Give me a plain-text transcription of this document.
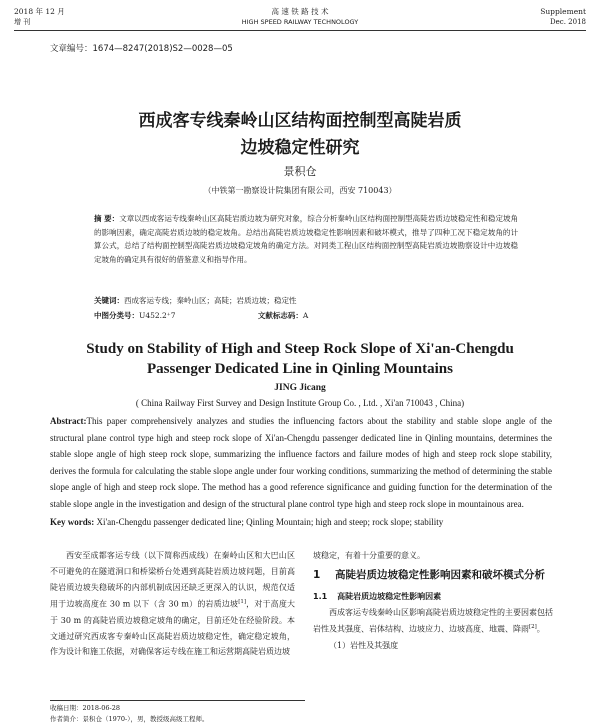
2018 年 12 月
增 刊
高 速 铁 路 技 术
HIGH SPEED RAILWAY TECHNOLOGY
Supplement
Dec. 2018
文章编号：1674—8247(2018)S2—0028—05
西成客专线秦岭山区结构面控制型高陡岩质
边坡稳定性研究
景积仓
（中铁第一勘察设计院集团有限公司，西安 710043）
摘 要：文章以西成客运专线秦岭山区高陡岩质边坡为研究对象，综合分析秦岭山区结构面控制型高陡岩质边坡稳定性和稳定坡角的影响因素，确定高陡岩质边坡的稳定坡角。总结出高陡岩质边坡稳定性影响因素和破坏模式，推导了四种工况下稳定坡角的计算公式，总结了结构面控制型高陡岩质边坡稳定坡角的确定方法。对同类工程山区结构面控制型高陡岩质边坡勘察设计中边坡稳定坡角的确定具有很好的借鉴意义和指导作用。
关键词：西成客运专线；秦岭山区；高陡；岩质边坡；稳定性
中图分类号：U452.2⁺7	文献标志码：A
Study on Stability of High and Steep Rock Slope of Xi'an-Chengdu
Passenger Dedicated Line in Qinling Mountains
JING Jicang
( China Railway First Survey and Design Institute Group Co. , Ltd. , Xi'an 710043 , China)
Abstract:This paper comprehensively analyzes and studies the influencing factors about the stability and stable slope angle of the structural plane control type high and steep rock slope of Xi'an-Chengdu passenger dedicated line in Qinling mountains, determines the stable slope angle of high steep rock slope, summarizing the influence factors and failure modes of high and steep rock slope stability, derives the formula for calculating the stable slope angle under four working conditions, summarizing the method of determining the stable slope angle of high and steep rock slope. The method has a good reference significance and guiding function for the determination of the stable slope angle in the investigation and design of the structural plane control type high and steep rock slope in mountainous area.
Key words: Xi'an-Chengdu passenger dedicated line; Qinling Mountain; high and steep; rock slope; stability
西安至成都客运专线（以下简称西成线）在秦岭山区和大巴山区不可避免的在隧道洞口和桥梁桥台处遇到高陡岩质边坡问题，目前高陡岩质边坡失稳破坏的内部机制成因还缺乏更深入的认识，规范仅适用于边坡高度在 30 m 以下（含 30 m）的岩质边坡[1]，对于高度大于 30 m 的高陡岩质边坡稳定坡角的确定，目前还处在经验阶段。本文通过研究西成客专秦岭山区高陡岩质边坡稳定性，确定稳定坡角，作为设计和施工依据，对确保客运专线在施工和运营期高陡岩质边坡

坡稳定，有着十分重要的意义。

1	高陡岩质边坡稳定性影响因素和破坏模式分析

1.1 高陡岩质边坡稳定性影响因素

西成客运专线秦岭山区影响高陡岩质边坡稳定性的主要因素包括岩性及其强度、岩体结构、边坡应力、边坡高度、地震、降雨[2]。

（1）岩性及其强度

收稿日期：2018-06-28
作者简介：景积仓（1970-），男，教授级高级工程师。
